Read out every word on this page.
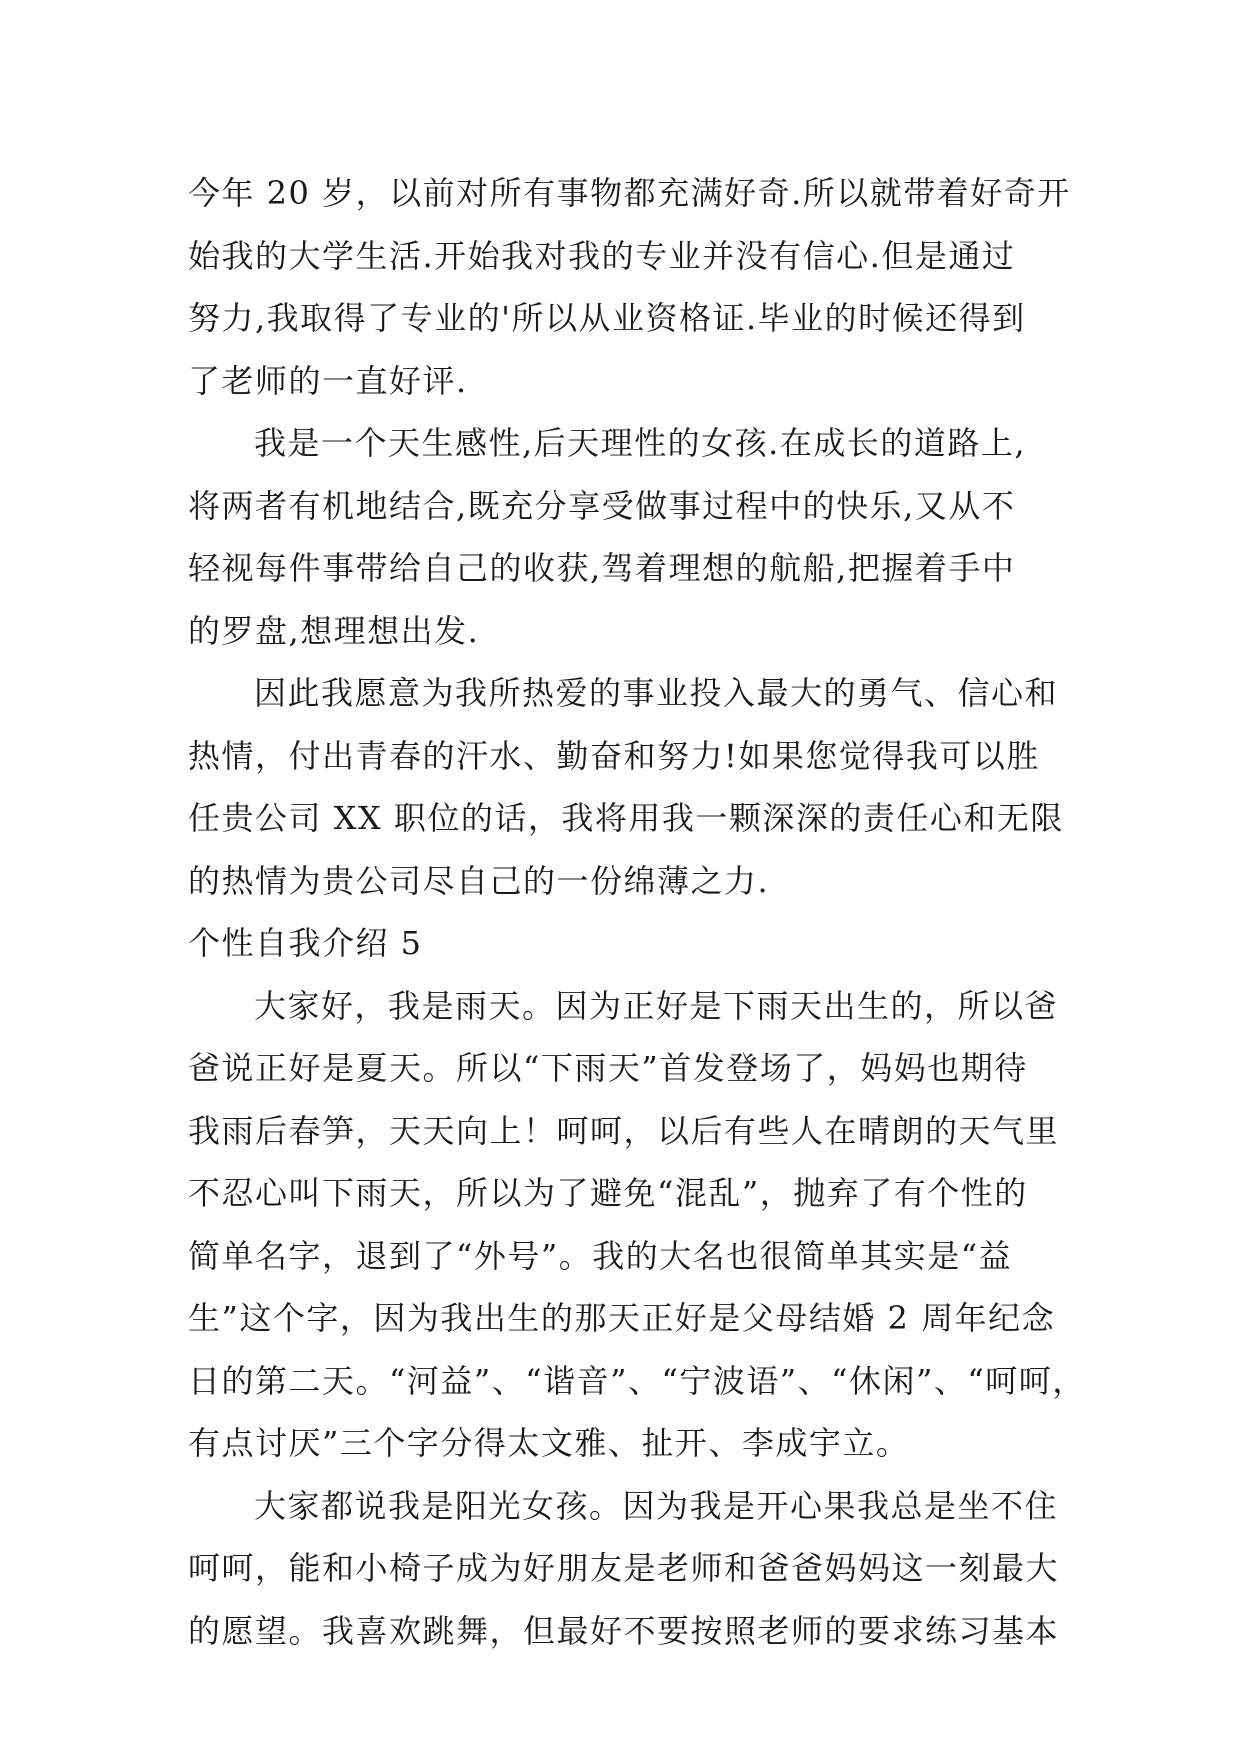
今年 20 岁，以前对所有事物都充满好奇.所以就带着好奇开
始我的大学生活.开始我对我的专业并没有信心.但是通过
努力,我取得了专业的'所以从业资格证.毕业的时候还得到
了老师的一直好评.
我是一个天生感性,后天理性的女孩.在成长的道路上,
将两者有机地结合,既充分享受做事过程中的快乐,又从不
轻视每件事带给自己的收获,驾着理想的航船,把握着手中
的罗盘,想理想出发.
因此我愿意为我所热爱的事业投入最大的勇气、信心和
热情，付出青春的汗水、勤奋和努力!如果您觉得我可以胜
任贵公司 XX 职位的话，我将用我一颗深深的责任心和无限
的热情为贵公司尽自己的一份绵薄之力.
个性自我介绍 5
大家好，我是雨天。因为正好是下雨天出生的，所以爸
爸说正好是夏天。所以“下雨天”首发登场了，妈妈也期待
我雨后春笋，天天向上！呵呵，以后有些人在晴朗的天气里
不忍心叫下雨天，所以为了避免“混乱”，抛弃了有个性的
简单名字，退到了“外号”。我的大名也很简单其实是“益
生”这个字，因为我出生的那天正好是父母结婚 2 周年纪念
日的第二天。“河益”、“谐音”、“宁波语”、“休闲”、“呵呵，
有点讨厌”三个字分得太文雅、扯开、李成宇立。
大家都说我是阳光女孩。因为我是开心果我总是坐不住
呵呵，能和小椅子成为好朋友是老师和爸爸妈妈这一刻最大
的愿望。我喜欢跳舞，但最好不要按照老师的要求练习基本
